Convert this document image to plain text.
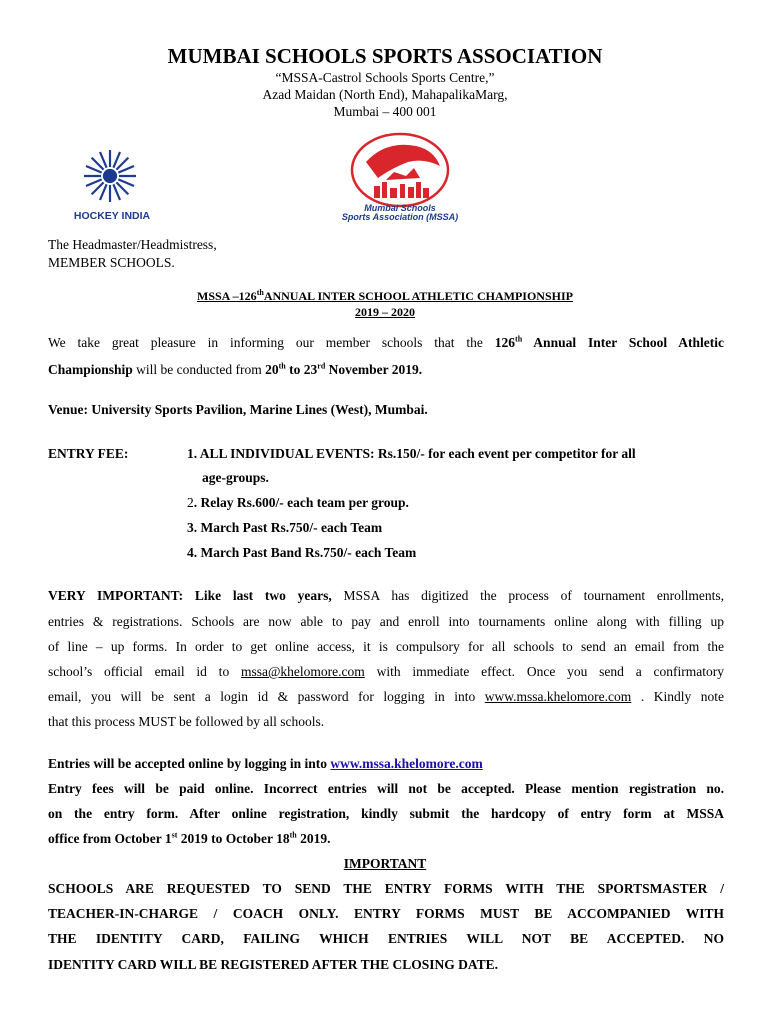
MUMBAI SCHOOLS SPORTS ASSOCIATION
“MSSA-Castrol Schools Sports Centre,”
Azad Maidan (North End), MahapalikaMarg,
Mumbai – 400 001
HOCKEY INDIA
Mumbai Schools
Sports Association (MSSA)
The Headmaster/Headmistress,
MEMBER SCHOOLS.
MSSA –126thANNUAL INTER SCHOOL ATHLETIC CHAMPIONSHIP
2019 – 2020
We take great pleasure in informing our member schools that the 126th Annual Inter School Athletic
Championship will be conducted from 20th to 23rd November 2019.
Venue: University Sports Pavilion, Marine Lines (West), Mumbai.
ENTRY FEE:	1. ALL INDIVIDUAL EVENTS: Rs.150/- for each event per competitor for all
age-groups.
2. Relay Rs.600/- each team per group.
3. March Past Rs.750/- each Team
4. March Past Band Rs.750/- each Team
VERY IMPORTANT: Like last two years, MSSA has digitized the process of tournament enrollments,
entries & registrations. Schools are now able to pay and enroll into tournaments online along with filling up
of line – up forms. In order to get online access, it is compulsory for all schools to send an email from the
school’s official email id to mssa@khelomore.com with immediate effect. Once you send a confirmatory
email, you will be sent a login id & password for logging in into www.mssa.khelomore.com . Kindly note
that this process MUST be followed by all schools.
Entries will be accepted online by logging in into www.mssa.khelomore.com
Entry fees will be paid online. Incorrect entries will not be accepted. Please mention registration no.
on the entry form. After online registration, kindly submit the hardcopy of entry form at MSSA
office from October 1st 2019 to October 18th 2019.
IMPORTANT
SCHOOLS ARE REQUESTED TO SEND THE ENTRY FORMS WITH THE SPORTSMASTER /
TEACHER-IN-CHARGE / COACH ONLY. ENTRY FORMS MUST BE ACCOMPANIED WITH
THE IDENTITY CARD, FAILING WHICH ENTRIES WILL NOT BE ACCEPTED. NO
IDENTITY CARD WILL BE REGISTERED AFTER THE CLOSING DATE.
